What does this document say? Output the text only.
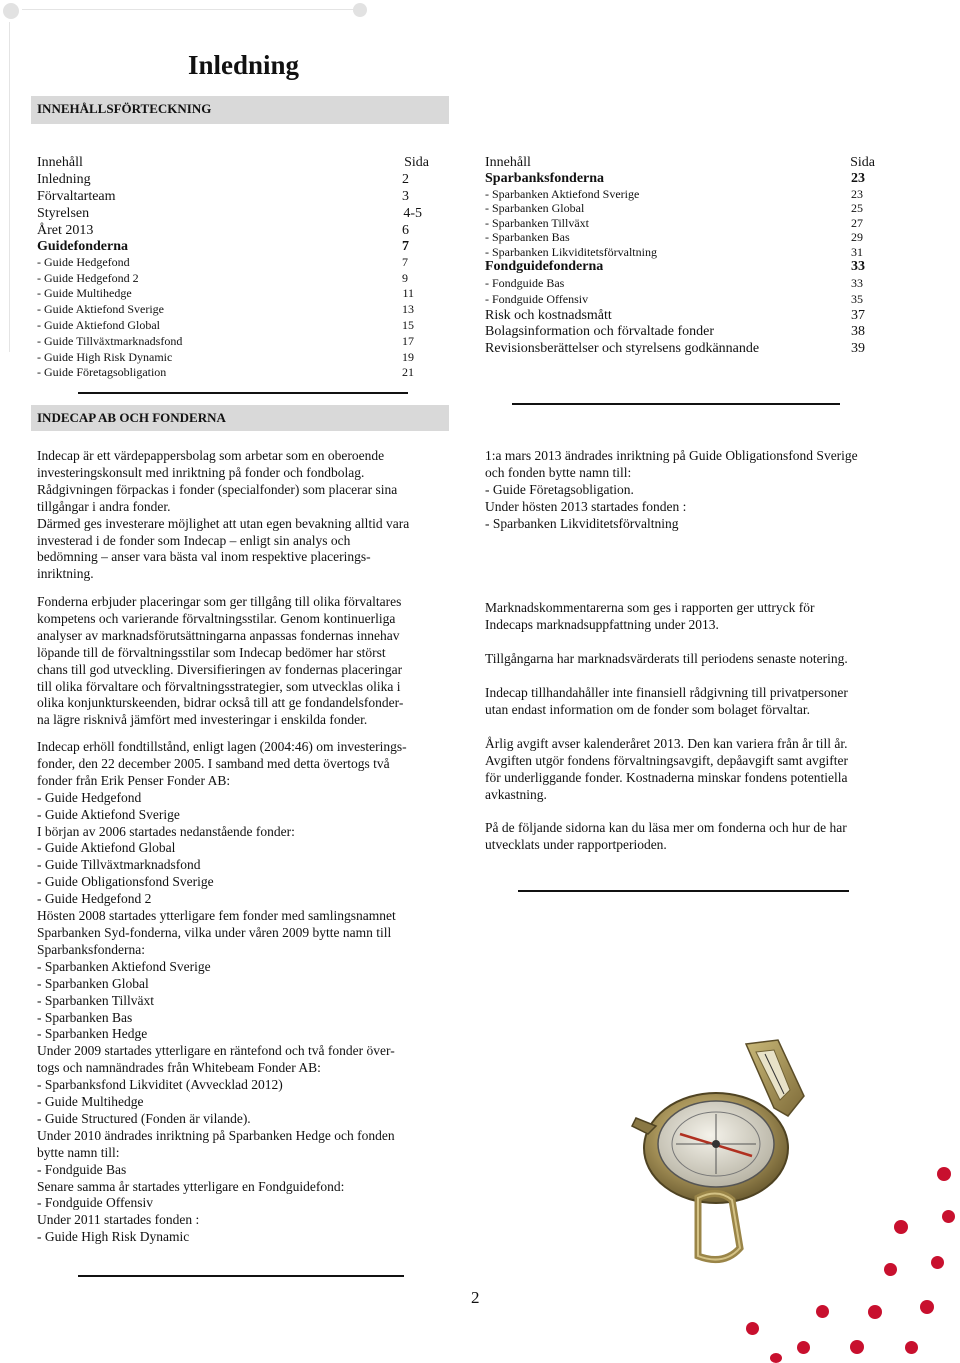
Inledning
INNEHÅLLSFÖRTECKNING
Innehåll	Sida
Inledning	2
Förvaltarteam	3
Styrelsen	4-5
Året 2013	6
Guidefonderna	7
- Guide Hedgefond	7
- Guide Hedgefond 2	9
- Guide Multihedge	11
- Guide Aktiefond Sverige	13
- Guide Aktiefond Global	15
- Guide Tillväxtmarknadsfond	17
- Guide High Risk Dynamic	19
- Guide Företagsobligation	21
Innehåll	Sida
Sparbanksfonderna	23
- Sparbanken Aktiefond Sverige	23
- Sparbanken Global	25
- Sparbanken Tillväxt	27
- Sparbanken Bas	29
- Sparbanken Likviditetsförvaltning	31
Fondguidefonderna	33
- Fondguide Bas	33
- Fondguide Offensiv	35
Risk och kostnadsmått	37
Bolagsinformation och förvaltade fonder	38
Revisionsberättelser och styrelsens godkännande	39
INDECAP AB OCH FONDERNA
Indecap är ett värdepappersbolag som arbetar som en oberoende
investeringskonsult med inriktning på fonder och fondbolag.
Rådgivningen förpackas i fonder (specialfonder) som placerar sina
tillgångar i andra fonder.
Därmed ges investerare möjlighet att utan egen bevakning alltid vara
investerad i de fonder som Indecap – enligt sin analys och
bedömning – anser vara bästa val inom respektive placerings-
inriktning.
Fonderna erbjuder placeringar som ger tillgång till olika förvaltares
kompetens och varierande förvaltningsstilar. Genom kontinuerliga
analyser av marknadsförutsättningarna anpassas fondernas innehav
löpande till de förvaltningsstilar som Indecap bedömer har störst
chans till god utveckling. Diversifieringen av fondernas placeringar
till olika förvaltare och förvaltningsstrategier, som utvecklas olika i
olika konjunkturskeenden, bidrar också till att ge fondandelsfonder-
na lägre risknivå jämfört med investeringar i enskilda fonder.
Indecap erhöll fondtillstånd, enligt lagen (2004:46) om investerings-
fonder, den 22 december 2005. I samband med detta övertogs två
fonder från Erik Penser Fonder AB:
- Guide Hedgefond
- Guide Aktiefond Sverige
I början av 2006 startades nedanstående fonder:
- Guide Aktiefond Global
- Guide Tillväxtmarknadsfond
- Guide Obligationsfond Sverige
- Guide Hedgefond 2
Hösten 2008 startades ytterligare fem fonder med samlingsnamnet
Sparbanken Syd-fonderna, vilka under våren 2009 bytte namn till
Sparbanksfonderna:
- Sparbanken Aktiefond Sverige
- Sparbanken Global
- Sparbanken Tillväxt
- Sparbanken Bas
- Sparbanken Hedge
Under 2009 startades ytterligare en räntefond och två fonder över-
togs och namnändrades från Whitebeam Fonder AB:
- Sparbanksfond Likviditet (Avvecklad 2012)
- Guide Multihedge
- Guide Structured (Fonden är vilande).
Under 2010 ändrades inriktning på Sparbanken Hedge och fonden
bytte namn till:
- Fondguide Bas
Senare samma år startades ytterligare en Fondguidefond:
- Fondguide Offensiv
Under 2011 startades fonden :
- Guide High Risk Dynamic
1:a mars 2013 ändrades inriktning på Guide Obligationsfond Sverige
och fonden bytte namn till:
- Guide Företagsobligation.
Under hösten 2013 startades fonden :
- Sparbanken Likviditetsförvaltning
Marknadskommentarerna som ges i rapporten ger uttryck för
Indecaps marknadsuppfattning under 2013.
Tillgångarna har marknadsvärderats till periodens senaste notering.
Indecap tillhandahåller inte finansiell rådgivning till privatpersoner
utan endast information om de fonder som bolaget förvaltar.
Årlig avgift avser kalenderåret 2013. Den kan variera från år till år.
Avgiften utgör fondens förvaltningsavgift, depåavgift samt avgifter
för underliggande fonder. Kostnaderna minskar fondens potentiella
avkastning.
På de följande sidorna kan du läsa mer om fonderna och hur de har
utvecklats under rapportperioden.
2
